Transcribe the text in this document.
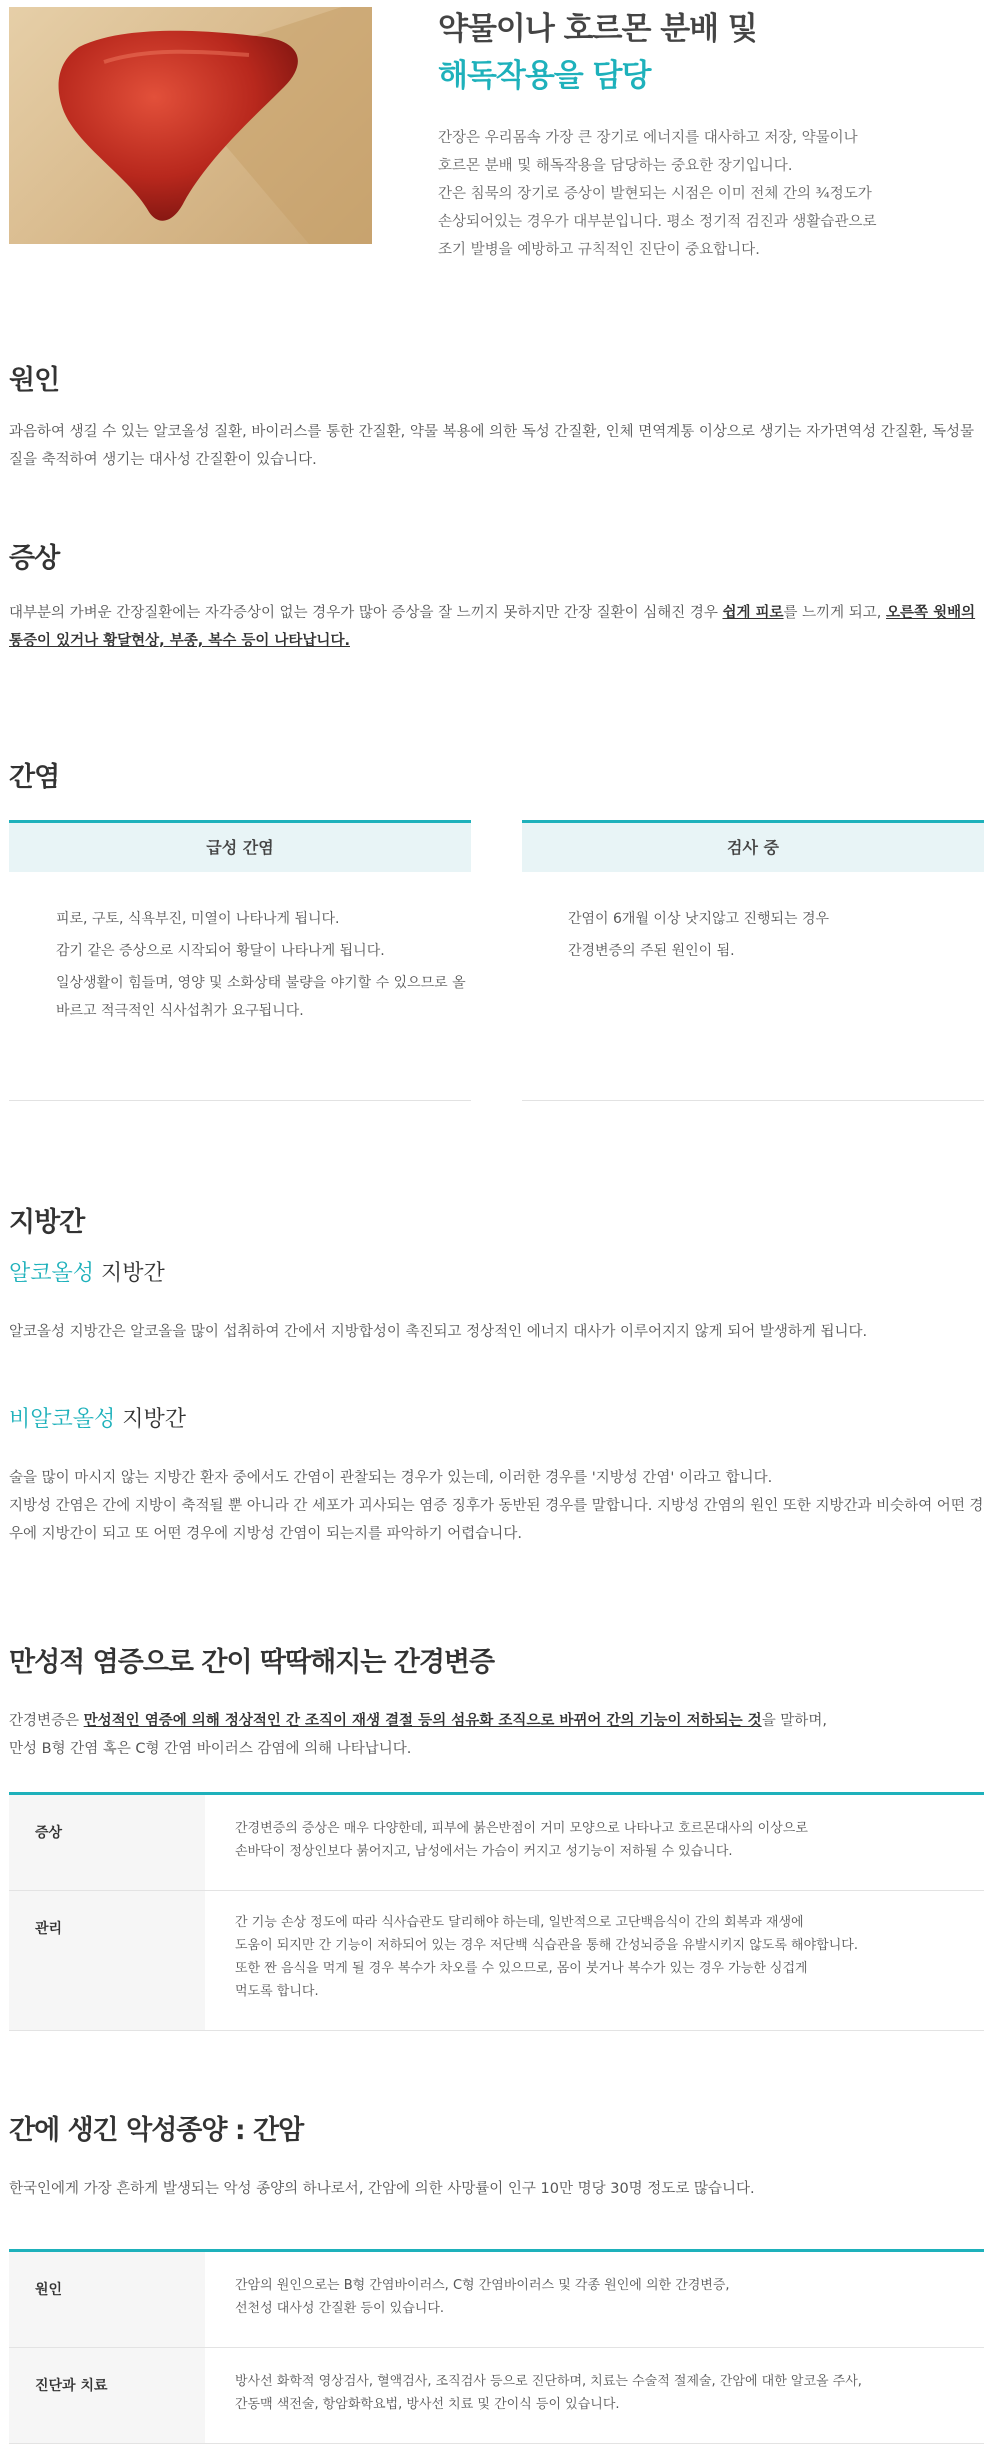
약물이나 호르몬 분배 및
해독작용을 담당

간장은 우리몸속 가장 큰 장기로 에너지를 대사하고 저장, 약물이나

호르몬 분배 및 해독작용을 담당하는 중요한 장기입니다.

간은 침묵의 장기로 증상이 발현되는 시점은 이미 전체 간의 ¾정도가

손상되어있는 경우가 대부분입니다. 평소 정기적 검진과 생활습관으로

조기 발병을 예방하고 규칙적인 진단이 중요합니다.

원인
과음하여 생길 수 있는 알코올성 질환, 바이러스를 통한 간질환, 약물 복용에 의한 독성 간질환, 인체 면역계통 이상으로 생기는 자가면역성 간질환, 독성물질을 축적하여 생기는 대사성 간질환이 있습니다.
증상
대부분의 가벼운 간장질환에는 자각증상이 없는 경우가 많아 증상을 잘 느끼지 못하지만 간장 질환이 심해진 경우 쉽게 피로를 느끼게 되고, 오른쪽 윗배의 통증이 있거나 황달현상, 부종, 복수 등이 나타납니다.
간염
급성 간염	검사 중
피로, 구토, 식욕부진, 미열이 나타나게 됩니다.
감기 같은 증상으로 시작되어 황달이 나타나게 됩니다.
일상생활이 힘들며, 영양 및 소화상태 불량을 야기할 수 있으므로 올바르고 적극적인 식사섭취가 요구됩니다.
간염이 6개월 이상 낫지않고 진행되는 경우
간경변증의 주된 원인이 됨.
지방간
알코올성 지방간
알코올성 지방간은 알코올을 많이 섭취하여 간에서 지방합성이 촉진되고 정상적인 에너지 대사가 이루어지지 않게 되어 발생하게 됩니다.
비알코올성 지방간
술을 많이 마시지 않는 지방간 환자 중에서도 간염이 관찰되는 경우가 있는데, 이러한 경우를 '지방성 간염' 이라고 합니다.
지방성 간염은 간에 지방이 축적될 뿐 아니라 간 세포가 괴사되는 염증 징후가 동반된 경우를 말합니다. 지방성 간염의 원인 또한 지방간과 비슷하여 어떤 경우에 지방간이 되고 또 어떤 경우에 지방성 간염이 되는지를 파악하기 어렵습니다.
만성적 염증으로 간이 딱딱해지는 간경변증
간경변증은 만성적인 염증에 의해 정상적인 간 조직이 재생 결절 등의 섬유화 조직으로 바뀌어 간의 기능이 저하되는 것을 말하며,
만성 B형 간염 혹은 C형 간염 바이러스 감염에 의해 나타납니다.
증상	간경변증의 증상은 매우 다양한데, 피부에 붉은반점이 거미 모양으로 나타나고 호르몬대사의 이상으로
손바닥이 정상인보다 붉어지고, 남성에서는 가슴이 커지고 성기능이 저하될 수 있습니다.
관리	간 기능 손상 정도에 따라 식사습관도 달리해야 하는데, 일반적으로 고단백음식이 간의 회복과 재생에
도움이 되지만 간 기능이 저하되어 있는 경우 저단백 식습관을 통해 간성뇌증을 유발시키지 않도록 해야합니다.
또한 짠 음식을 먹게 될 경우 복수가 차오를 수 있으므로, 몸이 붓거나 복수가 있는 경우 가능한 싱겁게
먹도록 합니다.
간에 생긴 악성종양 : 간암
한국인에게 가장 흔하게 발생되는 악성 종양의 하나로서, 간암에 의한 사망률이 인구 10만 명당 30명 정도로 많습니다.
원인	간암의 원인으로는 B형 간염바이러스, C형 간염바이러스 및 각종 원인에 의한 간경변증,
선천성 대사성 간질환 등이 있습니다.
진단과 치료	방사선 화학적 영상검사, 혈액검사, 조직검사 등으로 진단하며, 치료는 수술적 절제술, 간암에 대한 알코올 주사,
간동맥 색전술, 항암화학요법, 방사선 치료 및 간이식 등이 있습니다.
